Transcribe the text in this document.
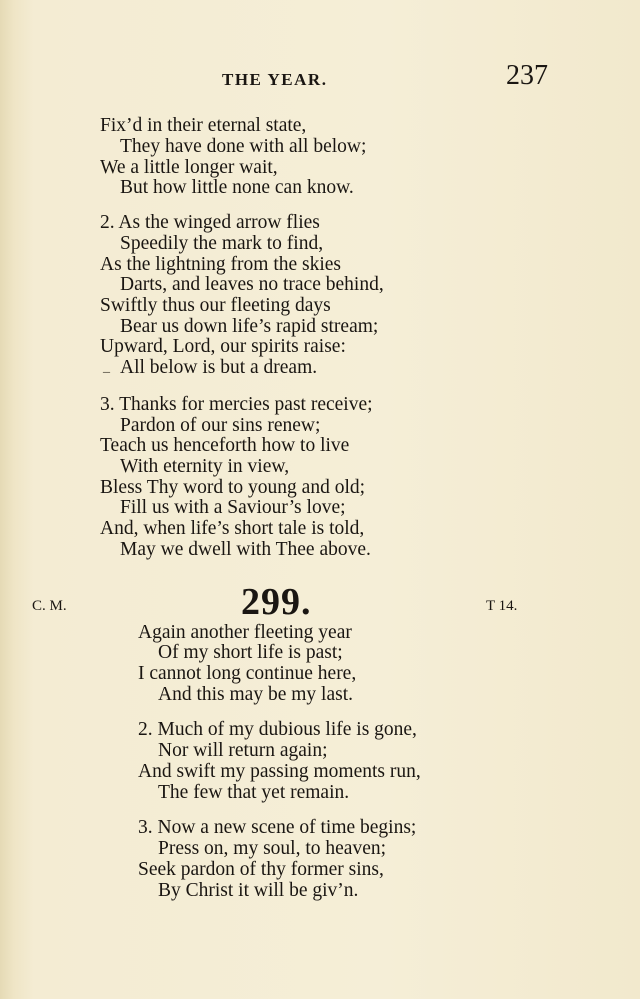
THE YEAR.	237
Fix’d in their eternal state,
They have done with all below;
We a little longer wait,
But how little none can know.
2. As the winged arrow flies
Speedily the mark to find,
As the lightning from the skies
Darts, and leaves no trace behind,
Swiftly thus our fleeting days
Bear us down life’s rapid stream;
Upward, Lord, our spirits raise:
_ All below is but a dream.
3. Thanks for mercies past receive;
Pardon of our sins renew;
Teach us henceforth how to live
With eternity in view,
Bless Thy word to young and old;
Fill us with a Saviour’s love;
And, when life’s short tale is told,
May we dwell with Thee above.
C. M.	299.	T 14.
Again another fleeting year
Of my short life is past;
I cannot long continue here,
And this may be my last.
2. Much of my dubious life is gone,
Nor will return again;
And swift my passing moments run,
The few that yet remain.
3. Now a new scene of time begins;
Press on, my soul, to heaven;
Seek pardon of thy former sins,
By Christ it will be giv’n.
